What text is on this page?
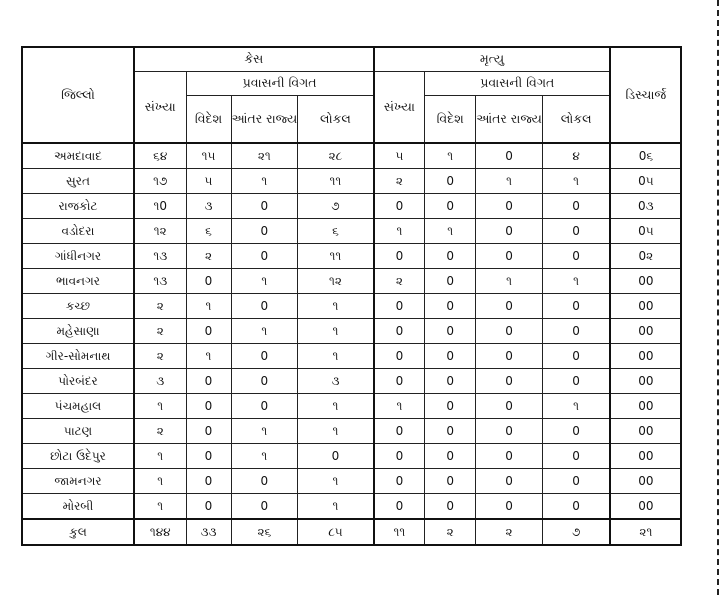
જિલ્લો	કેસ				મૃત્યુ				ડિસ્ચાર્જ
	સંખ્યા	પ્રવાસની વિગત			સંખ્યા	પ્રવાસની વિગત			
		વિદેશ	આંતર રાજ્ય	લોકલ		વિદેશ	આંતર રાજ્ય	લોકલ	
અમદાવાદ	૬૪	૧૫	૨૧	૨૮	૫	૧	0	૪	0૬
સુરત	૧૭	૫	૧	૧૧	૨	0	૧	૧	0૫
રાજકોટ	૧0	૩	0	૭	0	0	0	0	0૩
વડોદરા	૧૨	૬	0	૬	૧	૧	0	0	0૫
ગાંધીનગર	૧૩	૨	0	૧૧	0	0	0	0	0૨
ભાવનગર	૧૩	0	૧	૧૨	૨	0	૧	૧	00
કચ્છ	૨	૧	0	૧	0	0	0	0	00
મહેસાણા	૨	0	૧	૧	0	0	0	0	00
ગીર-સોમનાથ	૨	૧	0	૧	0	0	0	0	00
પોરબંદર	૩	0	0	૩	0	0	0	0	00
પંચમહાલ	૧	0	0	૧	૧	0	0	૧	00
પાટણ	૨	0	૧	૧	0	0	0	0	00
છોટા ઉદેપુર	૧	0	૧	0	0	0	0	0	00
જામનગર	૧	0	0	૧	0	0	0	0	00
મોરબી	૧	0	0	૧	0	0	0	0	00
કુલ	૧૪૪	૩૩	૨૬	૮૫	૧૧	૨	૨	૭	૨૧
